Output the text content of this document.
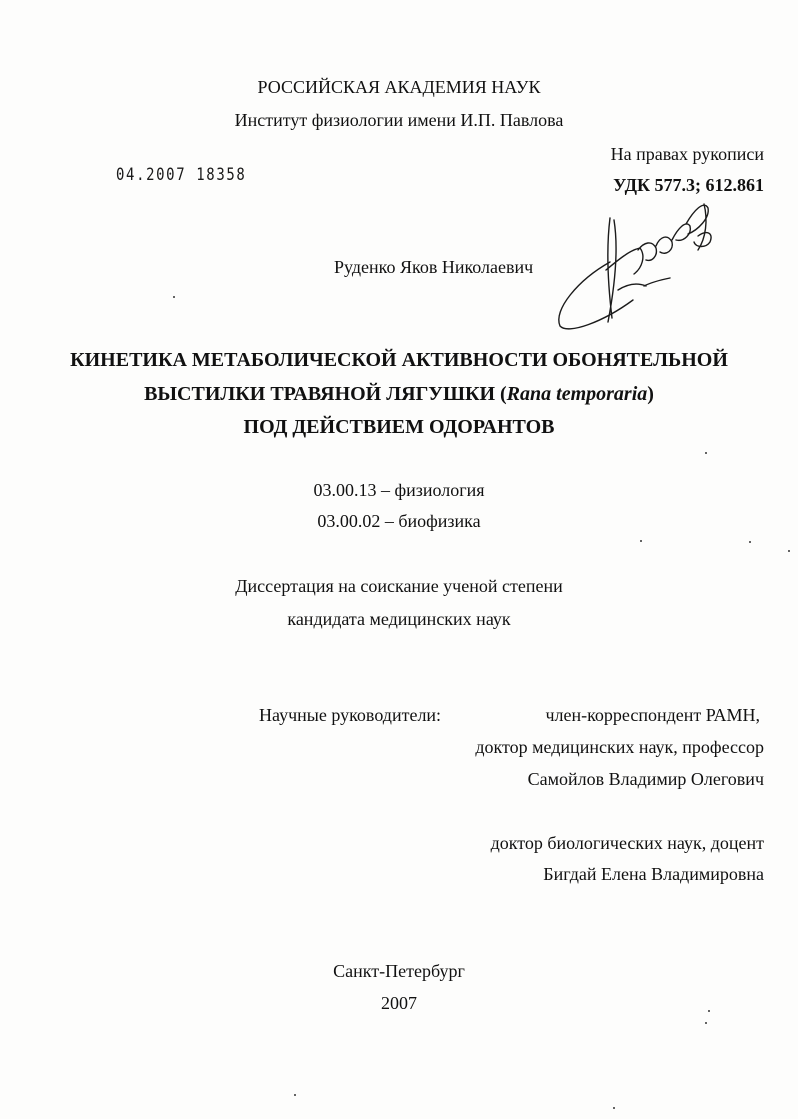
РОССИЙСКАЯ АКАДЕМИЯ НАУК
Институт физиологии имени И.П. Павлова
На правах рукописи
УДК 577.3; 612.861
04.2007 18358
Руденко Яков Николаевич
КИНЕТИКА МЕТАБОЛИЧЕСКОЙ АКТИВНОСТИ ОБОНЯТЕЛЬНОЙ
ВЫСТИЛКИ ТРАВЯНОЙ ЛЯГУШКИ (Rana temporaria)
ПОД ДЕЙСТВИЕМ ОДОРАНТОВ
03.00.13 – физиология
03.00.02 – биофизика
Диссертация на соискание ученой степени
кандидата медицинских наук
Научные руководители:	член-корреспондент РАМН,
доктор медицинских наук, профессор
Самойлов Владимир Олегович
доктор биологических наук, доцент
Бигдай Елена Владимировна
Санкт-Петербург
2007
